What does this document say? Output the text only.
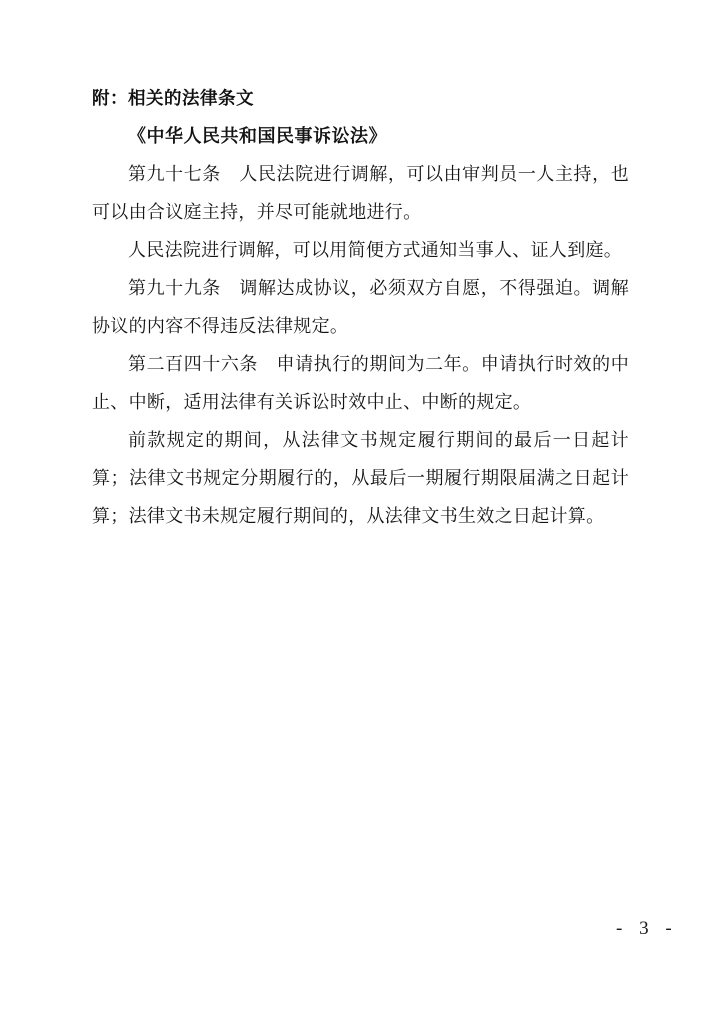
附：相关的法律条文

《中华人民共和国民事诉讼法》

第九十七条　人民法院进行调解，可以由审判员一人主持，也可以由合议庭主持，并尽可能就地进行。

人民法院进行调解，可以用简便方式通知当事人、证人到庭。

第九十九条　调解达成协议，必须双方自愿，不得强迫。调解协议的内容不得违反法律规定。

第二百四十六条　申请执行的期间为二年。申请执行时效的中止、中断，适用法律有关诉讼时效中止、中断的规定。

前款规定的期间，从法律文书规定履行期间的最后一日起计算；法律文书规定分期履行的，从最后一期履行期限届满之日起计算；法律文书未规定履行期间的，从法律文书生效之日起计算。

- 3 -
